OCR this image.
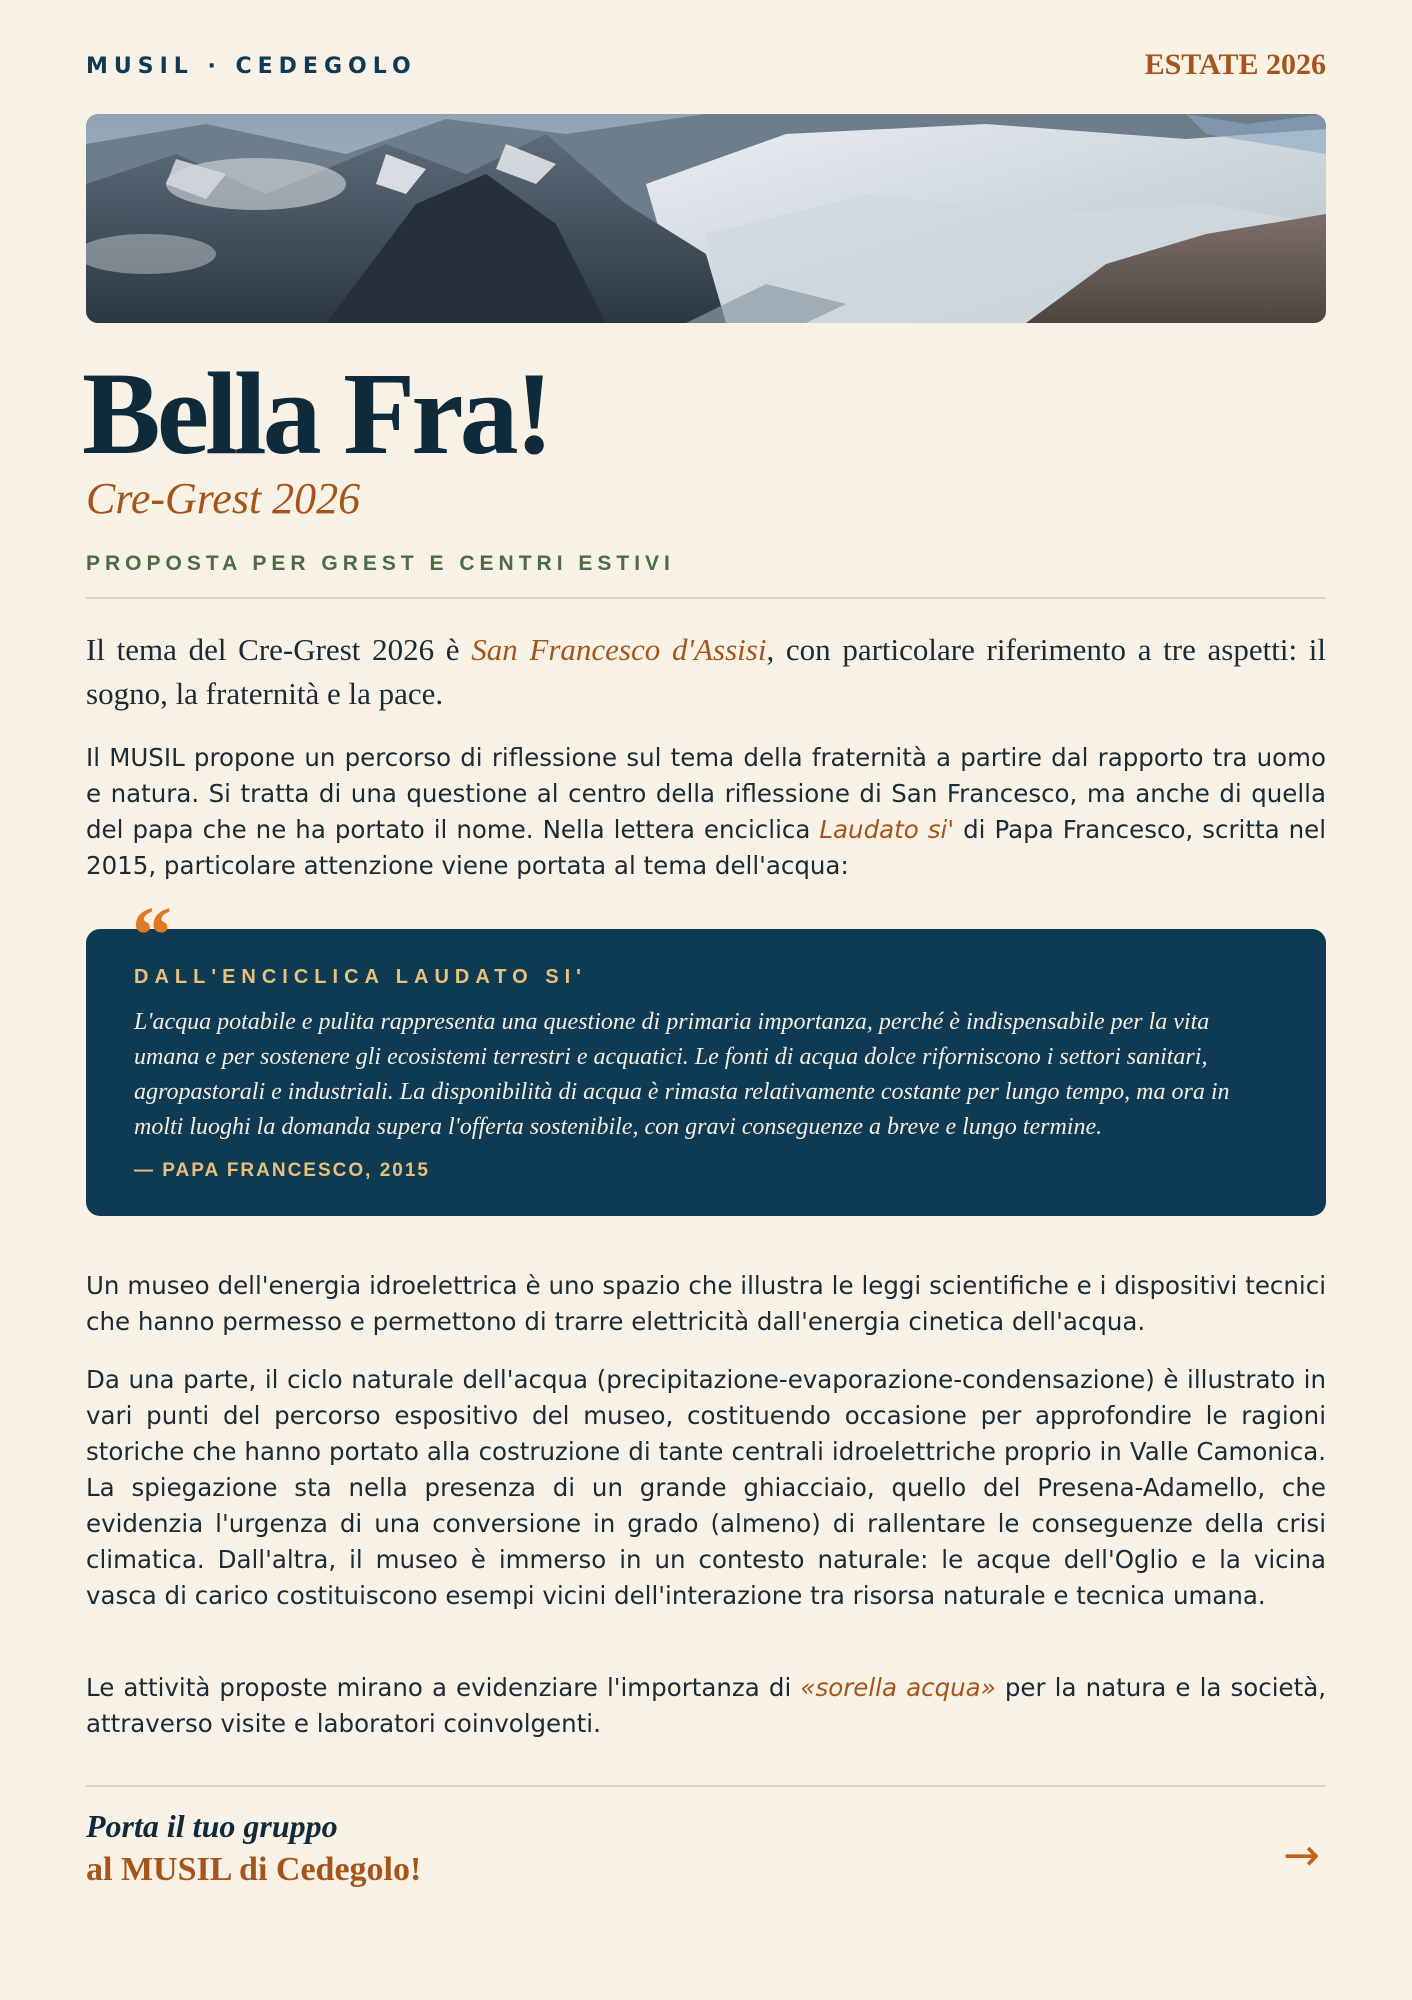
MUSIL · CEDEGOLO	ESTATE 2026
Bella Fra!
Cre-Grest 2026
PROPOSTA PER GREST E CENTRI ESTIVI
Il tema del Cre-Grest 2026 è San Francesco d'Assisi, con particolare riferimento a tre aspetti: il sogno, la fraternità e la pace.
Il MUSIL propone un percorso di riflessione sul tema della fraternità a partire dal rapporto tra uomo e natura. Si tratta di una questione al centro della riflessione di San Francesco, ma anche di quella del papa che ne ha portato il nome. Nella lettera enciclica Laudato si' di Papa Francesco, scritta nel 2015, particolare attenzione viene portata al tema dell'acqua:
DALL'ENCICLICA LAUDATO SI'
L'acqua potabile e pulita rappresenta una questione di primaria importanza, perché è indispensabile per la vita umana e per sostenere gli ecosistemi terrestri e acquatici. Le fonti di acqua dolce riforniscono i settori sanitari, agropastorali e industriali. La disponibilità di acqua è rimasta relativamente costante per lungo tempo, ma ora in molti luoghi la domanda supera l'offerta sostenibile, con gravi conseguenze a breve e lungo termine.
— PAPA FRANCESCO, 2015
“
Un museo dell'energia idroelettrica è uno spazio che illustra le leggi scientifiche e i dispositivi tecnici che hanno permesso e permettono di trarre elettricità dall'energia cinetica dell'acqua.
Da una parte, il ciclo naturale dell'acqua (precipitazione-evaporazione-condensazione) è illustrato in vari punti del percorso espositivo del museo, costituendo occasione per approfondire le ragioni storiche che hanno portato alla costruzione di tante centrali idroelettriche proprio in Valle Camonica. La spiegazione sta nella presenza di un grande ghiacciaio, quello del Presena-Adamello, che evidenzia l'urgenza di una conversione in grado (almeno) di rallentare le conseguenze della crisi climatica. Dall'altra, il museo è immerso in un contesto naturale: le acque dell'Oglio e la vicina vasca di carico costituiscono esempi vicini dell'interazione tra risorsa naturale e tecnica umana.
Le attività proposte mirano a evidenziare l'importanza di «sorella acqua» per la natura e la società, attraverso visite e laboratori coinvolgenti.
Porta il tuo gruppo
al MUSIL di Cedegolo!	→
